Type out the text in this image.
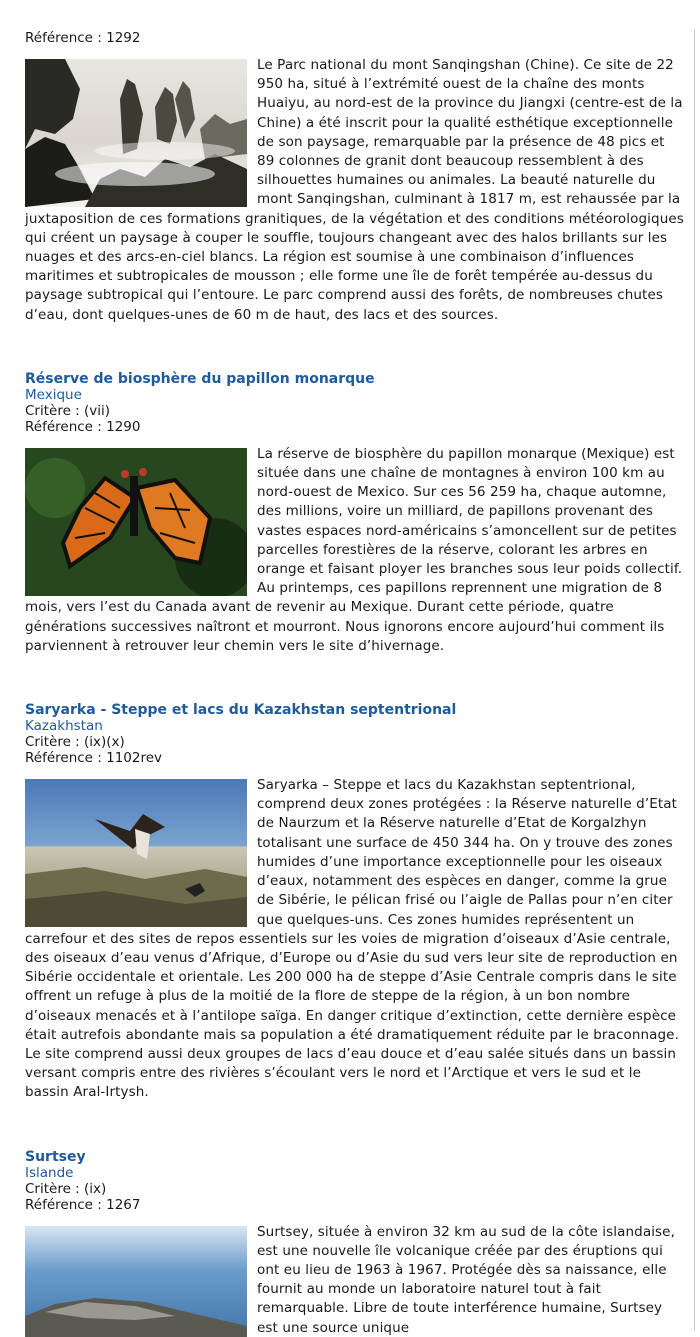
Référence : 1292

Le Parc national du mont Sanqingshan (Chine). Ce site de 22 950 ha, situé à l’extrémité ouest de la chaîne des monts Huaiyu, au nord-est de la province du Jiangxi (centre-est de la Chine) a été inscrit pour la qualité esthétique exceptionnelle de son paysage, remarquable par la présence de 48 pics et 89 colonnes de granit dont beaucoup ressemblent à des silhouettes humaines ou animales. La beauté naturelle du mont Sanqingshan, culminant à 1817 m, est rehaussée par la juxtaposition de ces formations granitiques, de la végétation et des conditions météorologiques qui créent un paysage à couper le souffle, toujours changeant avec des halos brillants sur les nuages et des arcs-en-ciel blancs. La région est soumise à une combinaison d’influences maritimes et subtropicales de mousson ; elle forme une île de forêt tempérée au-dessus du paysage subtropical qui l’entoure. Le parc comprend aussi des forêts, de nombreuses chutes d’eau, dont quelques-unes de 60 m de haut, des lacs et des sources.

Réserve de biosphère du papillon monarque

Mexique

Critère : (vii)

Référence : 1290

La réserve de biosphère du papillon monarque (Mexique) est située dans une chaîne de montagnes à environ 100 km au nord-ouest de Mexico. Sur ces 56 259 ha, chaque automne, des millions, voire un milliard, de papillons provenant des vastes espaces nord-américains s’amoncellent sur de petites parcelles forestières de la réserve, colorant les arbres en orange et faisant ployer les branches sous leur poids collectif. Au printemps, ces papillons reprennent une migration de 8 mois, vers l’est du Canada avant de revenir au Mexique. Durant cette période, quatre générations successives naîtront et mourront. Nous ignorons encore aujourd’hui comment ils parviennent à retrouver leur chemin vers le site d’hivernage.

Saryarka - Steppe et lacs du Kazakhstan septentrional

Kazakhstan

Critère : (ix)(x)

Référence : 1102rev

Saryarka – Steppe et lacs du Kazakhstan septentrional, comprend deux zones protégées : la Réserve naturelle d’Etat de Naurzum et la Réserve naturelle d’Etat de Korgalzhyn totalisant une surface de 450 344 ha. On y trouve des zones humides d’une importance exceptionnelle pour les oiseaux d’eaux, notamment des espèces en danger, comme la grue de Sibérie, le pélican frisé ou l’aigle de Pallas pour n’en citer que quelques-uns. Ces zones humides représentent un carrefour et des sites de repos essentiels sur les voies de migration d’oiseaux d’Asie centrale, des oiseaux d’eau venus d’Afrique, d’Europe ou d’Asie du sud vers leur site de reproduction en Sibérie occidentale et orientale. Les 200 000 ha de steppe d’Asie Centrale compris dans le site offrent un refuge à plus de la moitié de la flore de steppe de la région, à un bon nombre d’oiseaux menacés et à l’antilope saïga. En danger critique d’extinction, cette dernière espèce était autrefois abondante mais sa population a été dramatiquement réduite par le braconnage. Le site comprend aussi deux groupes de lacs d’eau douce et d’eau salée situés dans un bassin versant compris entre des rivières s’écoulant vers le nord et l’Arctique et vers le sud et le bassin Aral-Irtysh.

Surtsey

Islande

Critère : (ix)

Référence : 1267

Surtsey, située à environ 32 km au sud de la côte islandaise, est une nouvelle île volcanique créée par des éruptions qui ont eu lieu de 1963 à 1967. Protégée dès sa naissance, elle fournit au monde un laboratoire naturel tout à fait remarquable. Libre de toute interférence humaine, Surtsey est une source unique
